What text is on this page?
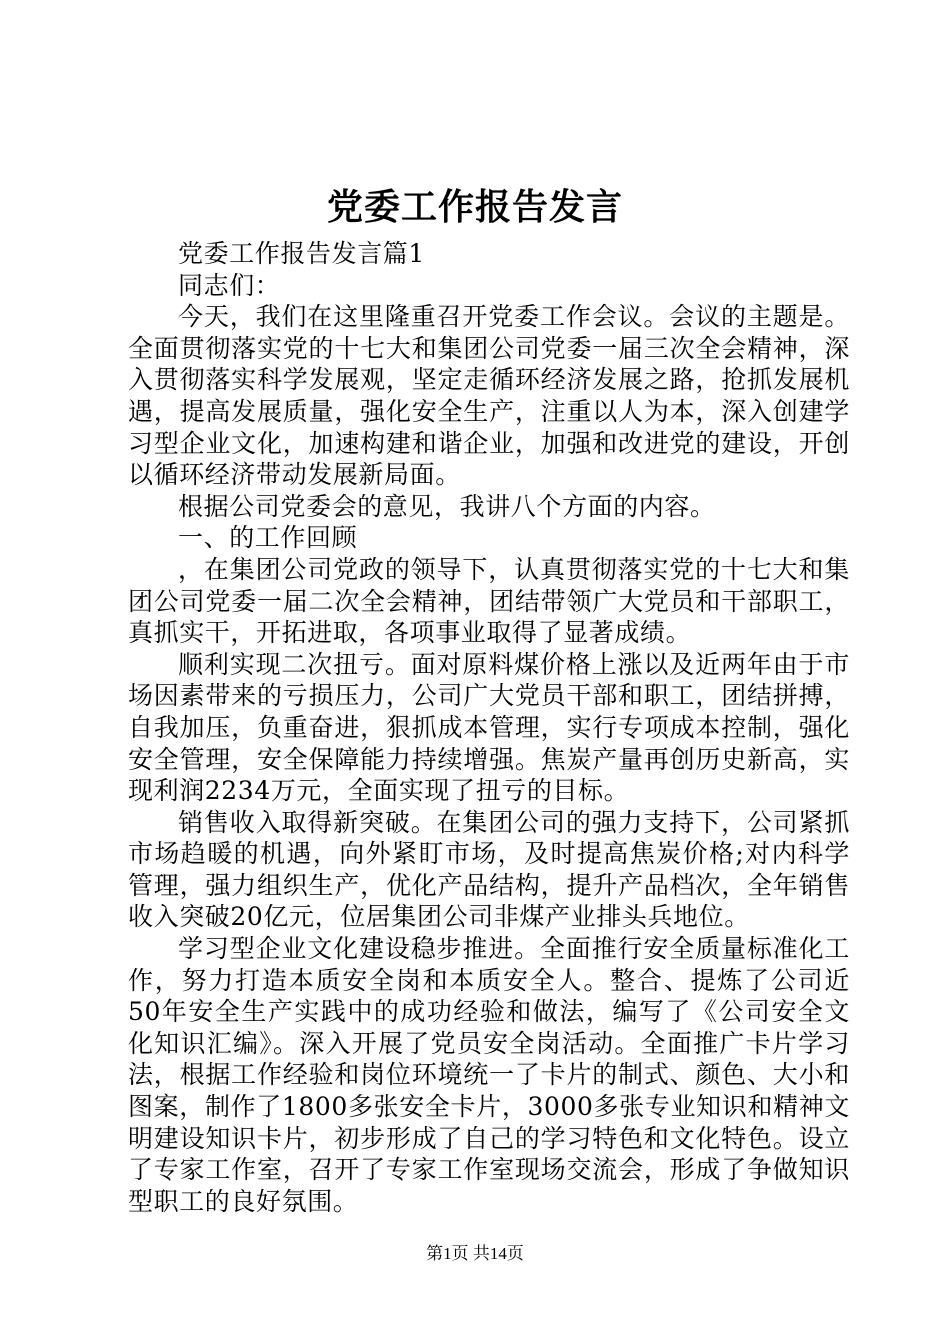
党委工作报告发言

党委工作报告发言篇1

同志们：

今天，我们在这里隆重召开党委工作会议。会议的主题是。全面贯彻落实党的十七大和集团公司党委一届三次全会精神，深入贯彻落实科学发展观，坚定走循环经济发展之路，抢抓发展机遇，提高发展质量，强化安全生产，注重以人为本，深入创建学习型企业文化，加速构建和谐企业，加强和改进党的建设，开创以循环经济带动发展新局面。

根据公司党委会的意见，我讲八个方面的内容。

一、的工作回顾

，在集团公司党政的领导下，认真贯彻落实党的十七大和集团公司党委一届二次全会精神，团结带领广大党员和干部职工，真抓实干，开拓进取，各项事业取得了显著成绩。

顺利实现二次扭亏。面对原料煤价格上涨以及近两年由于市场因素带来的亏损压力，公司广大党员干部和职工，团结拼搏，自我加压，负重奋进，狠抓成本管理，实行专项成本控制，强化安全管理，安全保障能力持续增强。焦炭产量再创历史新高，实现利润2234万元，全面实现了扭亏的目标。

销售收入取得新突破。在集团公司的强力支持下，公司紧抓市场趋暖的机遇，向外紧盯市场，及时提高焦炭价格;对内科学管理，强力组织生产，优化产品结构，提升产品档次，全年销售收入突破20亿元，位居集团公司非煤产业排头兵地位。

学习型企业文化建设稳步推进。全面推行安全质量标准化工作，努力打造本质安全岗和本质安全人。整合、提炼了公司近50年安全生产实践中的成功经验和做法，编写了《公司安全文化知识汇编》。深入开展了党员安全岗活动。全面推广卡片学习法，根据工作经验和岗位环境统一了卡片的制式、颜色、大小和图案，制作了1800多张安全卡片，3000多张专业知识和精神文明建设知识卡片，初步形成了自己的学习特色和文化特色。设立了专家工作室，召开了专家工作室现场交流会，形成了争做知识型职工的良好氛围。

第1页 共14页
